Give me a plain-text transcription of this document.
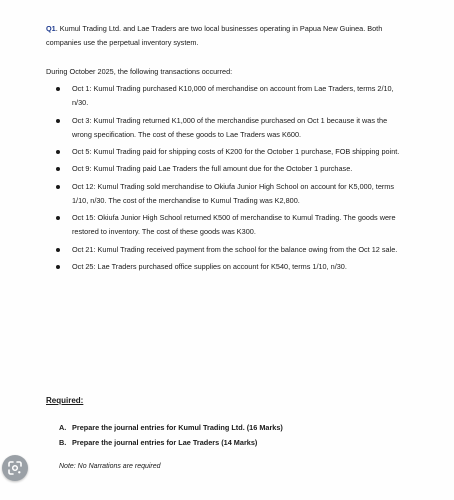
Q1. Kumul Trading Ltd. and Lae Traders are two local businesses operating in Papua New Guinea. Both companies use the perpetual inventory system.
During October 2025, the following transactions occurred:
Oct 1: Kumul Trading purchased K10,000 of merchandise on account from Lae Traders, terms 2/10, n/30.
Oct 3: Kumul Trading returned K1,000 of the merchandise purchased on Oct 1 because it was the wrong specification. The cost of these goods to Lae Traders was K600.
Oct 5: Kumul Trading paid for shipping costs of K200 for the October 1 purchase, FOB shipping point.
Oct 9: Kumul Trading paid Lae Traders the full amount due for the October 1 purchase.
Oct 12: Kumul Trading sold merchandise to Okiufa Junior High School on account for K5,000, terms 1/10, n/30. The cost of the merchandise to Kumul Trading was K2,800.
Oct 15: Okiufa Junior High School returned K500 of merchandise to Kumul Trading. The goods were restored to inventory. The cost of these goods was K300.
Oct 21: Kumul Trading received payment from the school for the balance owing from the Oct 12 sale.
Oct 25: Lae Traders purchased office supplies on account for K540, terms 1/10, n/30.
Required:
A. Prepare the journal entries for Kumul Trading Ltd. (16 Marks)
B. Prepare the journal entries for Lae Traders (14 Marks)
Note: No Narrations are required
